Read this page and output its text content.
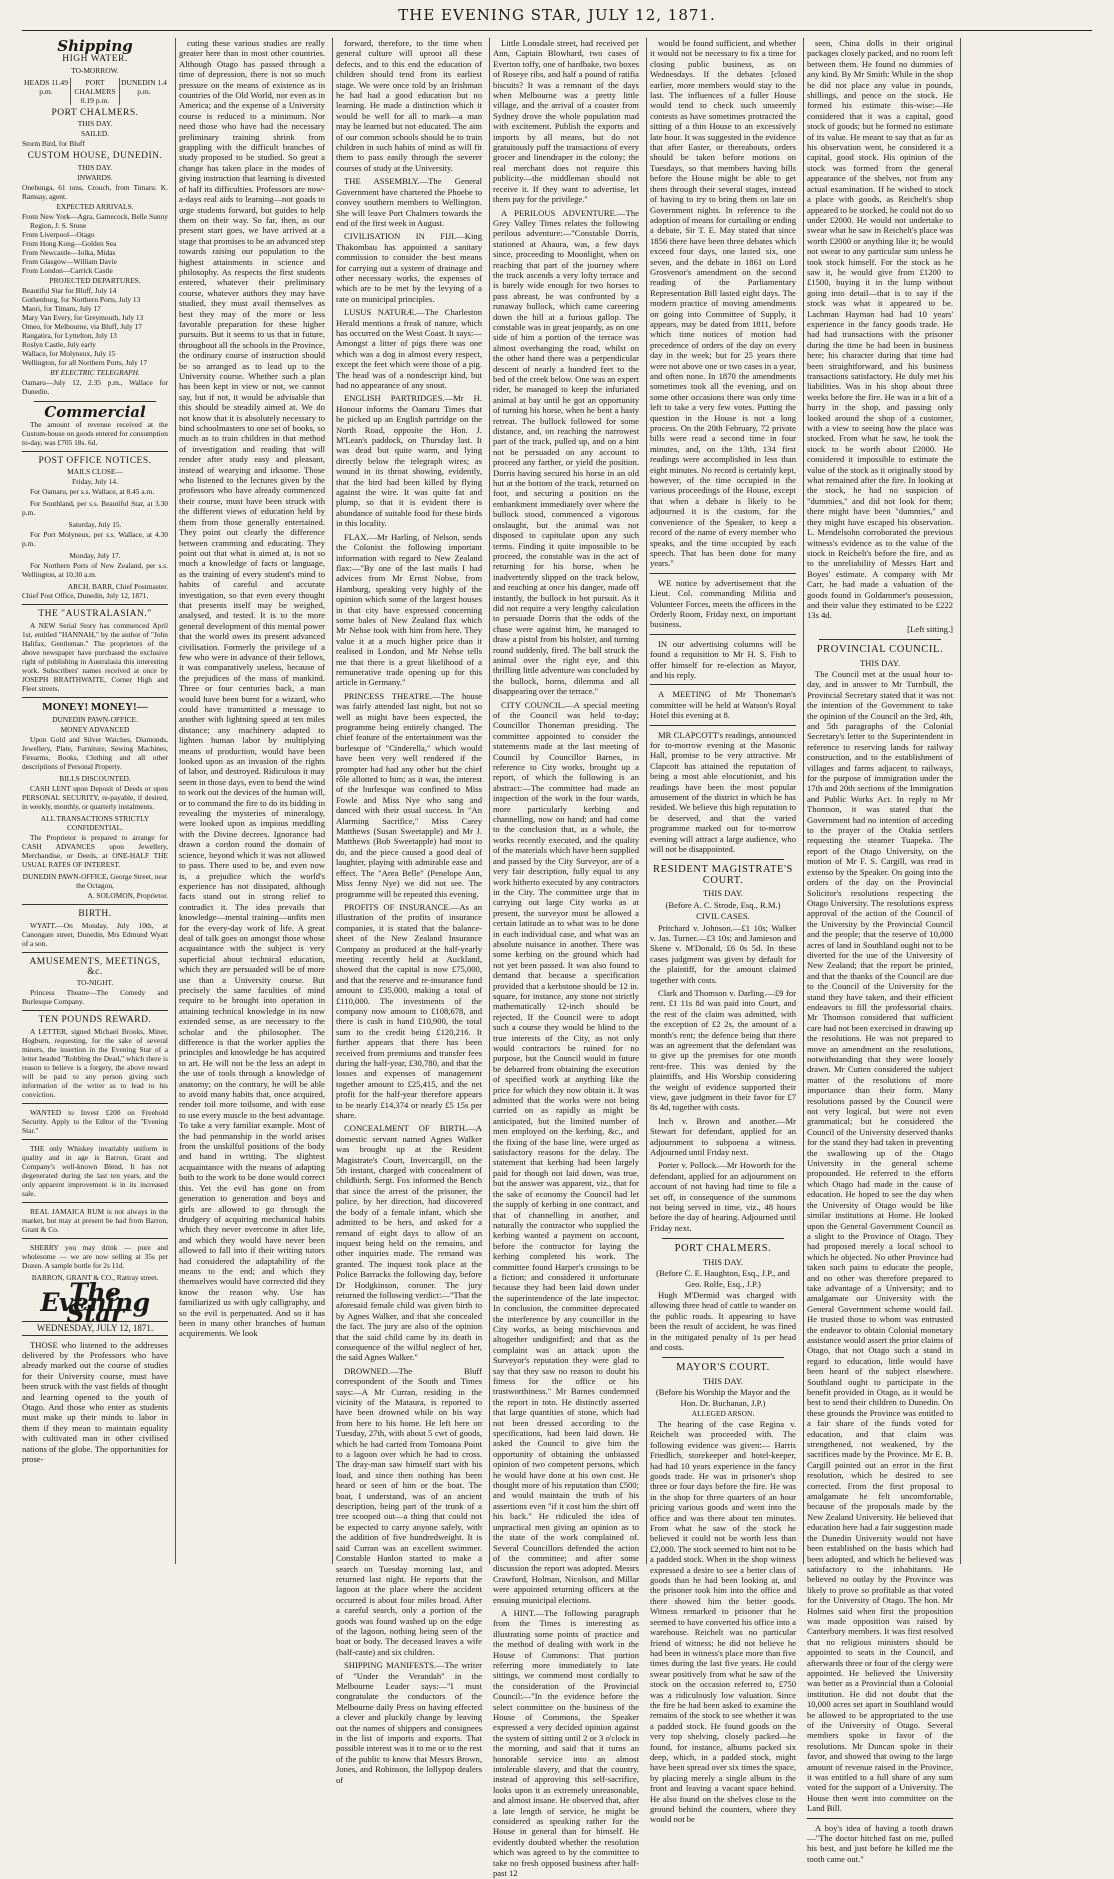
THE EVENING STAR, JULY 12, 1871.
Shipping
HIGH WATER.
TO-MORROW.
HEADS 11.49 p.m.
PORT CHALMERS 0.19 p.m.
DUNEDIN 1.4 p.m.
PORT CHALMERS.
THIS DAY.
SAILED.
Storm Bird, for Bluff
CUSTOM HOUSE, DUNEDIN.
THIS DAY.
INWARDS.
Onehunga, 61 tons, Crouch, from Timaru. K. Ramsay, agent.
EXPECTED ARRIVALS.

From New York—Agra, Gamecock, Belle Sunny Region, J. S. Stone

From Liverpool—Otago

From Hong Kong—Golden Sea

From Newcastle—Iolka, Midas

From Glasgow—William Davie

From London—Carrick Castle

PROJECTED DEPARTURES.

Beautiful Star for Bluff, July 14

Gothenburg, for Northern Ports, July 13

Maori, for Timaru, July 17

Mary Van Every, for Greymouth, July 13

Omeo, for Melbourne, via Bluff, July 17

Rangatira, for Lyttelton, July 13

Roslyn Castle, July early

Wallace, for Molyneux, July 15

Wellington, for all Northern Ports, July 17

BY ELECTRIC TELEGRAPH.
Oamaru—July 12, 2.35 p.m., Wallace for Dunedin.
Commercial

The amount of revenue received at the Custom-house on goods entered for consumption to-day, was £705 18s. 6d.

POST OFFICE NOTICES.
MAILS CLOSE—
Friday, July 14.

For Oamaru, per s.s. Wallace, at 8.45 a.m.

For Southland, per s.s. Beautiful Star, at 3.30 p.m.

Saturday, July 15.

For Port Molyneux, per s.s. Wallace, at 4.30 p.m.

Monday, July 17.

For Northern Ports of New Zealand, per s.s. Wellington, at 10.30 a.m.

ARCH. BARR, Chief Postmaster.
Chief Post Office, Dunedin, July 12, 1871.
THE "AUSTRALASIAN."

A NEW Serial Story has commenced April 1st, entitled "HANNAH," by the author of "John Halifax, Gentleman." The proprietors of the above newspaper have purchased the exclusive right of publishing in Australasia this interesting work. Subscribers' names received at once by JOSEPH BRAITHWAITE, Corner High and Fleet streets.

MONEY! MONEY!—
DUNEDIN PAWN-OFFICE.
MONEY ADVANCED

Upon Gold and Silver Watches, Diamonds, Jewellery, Plate, Furniture, Sewing Machines, Firearms, Books, Clothing and all other descriptions of Personal Property.

BILLS DISCOUNTED.

CASH LENT upon Deposit of Deeds or upon PERSONAL SECURITY, re-payable, if desired, in weekly, monthly, or quarterly instalments.

ALL TRANSACTIONS STRICTLY CONFIDENTIAL.

The Proprietor is prepared to arrange for CASH ADVANCES upon Jewellery, Merchandise, or Deeds, at ONE-HALF THE USUAL RATES OF INTEREST.

DUNEDIN PAWN-OFFICE, George Street, near the Octagon,
A. SOLOMON, Proprietor.
BIRTH.

WYATT.—On Monday, July 10th, at Canongate street, Dunedin, Mrs Edmund Wyatt of a son.

AMUSEMENTS, MEETINGS, &c.
TO-NIGHT.

Princess Theatre—The Comedy and Burlesque Company.

TEN POUNDS REWARD.

A LETTER, signed Michael Brooks, Miner, Hogburn, requesting, for the sake of several miners, the insertion in the Evening Star of a letter headed "Robbing the Dead," which there is reason to believe is a forgery, the above reward will be paid to any person giving such information of the writer as to lead to his conviction.

WANTED to Invest £200 on Freehold Security. Apply to the Editor of the "Evening Star."

THE only Whiskey invariably uniform in quality and in age is Barron, Grant and Company's well-known Blend. It has not degenerated during the last ten years, and the only apparent improvement is in its increased sale.

REAL JAMAICA RUM is not always in the market, but may at present be had from Barron, Grant & Co.

SHERRY you may drink — pure and wholesome — we are now selling at 35s per Dozen. A sample bottle for 2s 11d.

BARRON, GRANT & CO., Rattray street.
The Evening Star
WEDNESDAY, JULY 12, 1871.

THOSE who listened to the addresses delivered by the Professors who have already marked out the course of studies for their University course, must have been struck with the vast fields of thought and learning opened to the youth of Otago. And those who enter as students must make up their minds to labor in them if they mean to maintain equality with cultivated man in other civilised nations of the globe. The opportunities for prose-

cuting these various studies are really greater here than in most other countries. Although Otago has passed through a time of depression, there is not so much pressure on the means of existence as in countries of the Old World, nor even as in America; and the expense of a University course is reduced to a minimum. Nor need those who have had the necessary preliminary training shrink from grappling with the difficult branches of study proposed to be studied. So great a change has taken place in the modes of giving instruction that learning is divested of half its difficulties. Professors are now-a-days real aids to learning—not goads to urge students forward, but guides to help them on their way. So far, then, as our present start goes, we have arrived at a stage that promises to be an advanced step towards raising our population to the highest attainments in science and philosophy. As respects the first students entered, whatever their preliminary course, whatever authors they may have studied, they must avail themselves as best they may of the more or less favorable preparation for these higher pursuits. But it seems to us that in future, throughout all the schools in the Province, the ordinary course of instruction should be so arranged as to lead up to the University course. Whether such a plan has been kept in view or not, we cannot say, but if not, it would be advisable that this should be steadily aimed at. We do not know that it is absolutely necessary to bind schoolmasters to one set of books, so much as to train children in that method of investigation and reading that will render after study easy and pleasant, instead of wearying and irksome. Those who listened to the lectures given by the professors who have already commenced their course, must have been struck with the different views of education held by them from those generally entertained. They point out clearly the difference between cramming and educating. They point out that what is aimed at, is not so much a knowledge of facts or language, as the training of every student's mind to habits of careful and accurate investigation, so that even every thought that presents itself may be weighed, analysed, and tested. It is to the more general development of this mental power that the world owes its present advanced civilisation. Formerly the privilege of a few who were in advance of their fellows, it was comparatively useless, because of the prejudices of the mass of mankind. Three or four centuries back, a man would have been burnt for a wizard, who could have transmitted a message to another with lightning speed at ten miles distance; any machinery adapted to lighten human labor by multiplying means of production, would have been looked upon as an invasion of the rights of labor, and destroyed. Ridiculous it may seem in those days, even to bend the wind to work out the devices of the human will, or to command the fire to do its bidding in revealing the mysteries of mineralogy, were looked upon as impious meddling with the Divine decrees. Ignorance had drawn a cordon round the domain of science, beyond which it was not allowed to pass. There used to be, and even now is, a prejudice which the world's experience has not dissipated, although facts stand out in strong relief to contradict it. The idea prevails that knowledge—mental training—unfits men for the every-day work of life. A great deal of talk goes on amongst those whose acquaintance with the subject is very superficial about technical education, which they are persuaded will be of more use than a University course. But precisely the same faculties of mind require to be brought into operation in attaining technical knowledge in its now extended sense, as are necessary to the scholar and the philosopher. The difference is that the worker applies the principles and knowledge he has acquired to art. He will not be the less an adept in the use of tools through a knowledge of anatomy; on the contrary, he will be able to avoid many habits that, once acquired, render toil more toilsome, and with ease to use every muscle to the best advantage. To take a very familiar example. Most of the bad penmanship in the world arises from the unskilful positions of the body and hand in writing. The slightest acquaintance with the means of adapting both to the work to be done would correct this. Yet the evil has gone on from generation to generation and boys and girls are allowed to go through the drudgery of acquiring mechanical habits which they never overcome in after life, and which they would have never been allowed to fall into if their writing tutors had considered the adaptability of the means to the end; and which they themselves would have corrected did they know the reason why. Use has familiarized us with ugly calligraphy, and so the evil is perpetuated. And so it has been in many other branches of human acquirements. We look

forward, therefore, to the time when general culture will uproot all these defects, and to this end the education of children should tend from its earliest stage. We were once told by an Irishman he had had a good education but no learning. He made a distinction which it would be well for all to mark—a man may be learned but not educated. The aim of our common schools should be to train children in such habits of mind as will fit them to pass easily through the severer courses of study at the University.

THE ASSEMBLY.—The General Government have chartered the Phoebe to convey southern members to Wellington. She will leave Port Chalmers towards the end of the first week in August.

CIVILISATION IN FIJI.—King Thakombau has appointed a sanitary commission to consider the best means for carrying out a system of drainage and other necessary works, the expenses of which are to be met by the levying of a rate on municipal principles.

LUSUS NATURÆ.—The Charleston Herald mentions a freak of nature, which has occurred on the West Coast. It says:—Amongst a litter of pigs there was one which was a dog in almost every respect, except the feet which were those of a pig. The head was of a nondescript kind, but had no appearance of any snout.

ENGLISH PARTRIDGES.—Mr H. Honour informs the Oamaru Times that he picked up an English partridge on the North Road, opposite the Hon. J. M'Lean's paddock, on Thursday last. It was dead but quite warm, and lying directly below the telegraph wires; as wound in its throat showing, evidently, that the bird had been killed by flying against the wire. It was quite fat and plump, so that it is evident there is abundance of suitable food for these birds in this locality.

FLAX.—Mr Harling, of Nelson, sends the Colonist the following important information with regard to New Zealand flax:—"By one of the last mails I had advices from Mr Ernst Nobse, from Hamburg, speaking very highly of the opinion which some of the largest houses in that city have expressed concerning some bales of New Zealand flax which Mr Nehse took with him from here. They value it at a much higher price than it realised in London, and Mr Nehse tells me that there is a great likelihood of a remunerative trade opening up for this article in Germany."

PRINCESS THEATRE.—The house was fairly attended last night, but not so well as might have been expected, the programme being entirely changed. The chief feature of the entertainment was the burlesque of "Cinderella," which would have been very well rendered if the prompter had had any other but the chief rôle allotted to him; as it was, the interest of the burlesque was confined to Miss Fowle and Miss Nye who sang and danced with their usual success. In "An Alarming Sacrifice," Miss Carey Matthews (Susan Sweetapple) and Mr J. Matthews (Bob Sweetapple) had most to do, and the piece caused a good deal of laughter, playing with admirable ease and effect. The "Area Belle" (Penelope Ann, Miss Jenny Nye) we did not see. The programme will be repeated this evening.

PROFITS OF INSURANCE.—As an illustration of the profits of insurance companies, it is stated that the balance-sheet of the New Zealand Insurance Company as produced at the half-yearly meeting recently held at Auckland, showed that the capital is now £75,000, and that the reserve and re-insurance fund amount to £35,000, making a total of £110,000. The investments of the company now amount to £108,678, and there is cash in hand £10,900, the total sum to the credit being £120,216. It further appears that there has been received from premiums and transfer fees during the half-year, £30,780, and that the losses and expenses of management together amount to £25,415, and the net profit for the half-year therefore appears to be nearly £14,374 or nearly £5 15s per share.

CONCEALMENT OF BIRTH.—A domestic servant named Agnes Walker was brought up at the Resident Magistrate's Court, Invercargill, on the 5th instant, charged with concealment of childbirth. Sergt. Fox informed the Bench that since the arrest of the prisoner, the police, by her direction, had discovered the body of a female infant, which she admitted to be hers, and asked for a remand of eight days to allow of an inquest being held on the remains, and other inquiries made. The remand was granted. The inquest took place at the Police Barracks the following day, before Dr Hodgkinson, coroner. The jury returned the following verdict:—"That the aforesaid female child was given birth to by Agnes Walker, and that she concealed the fact. The jury are also of the opinion that the said child came by its death in consequence of the wilful neglect of her, the said Agnes Walker."

DROWNED.—The Bluff correspondent of the South and Times says:—A Mr Curran, residing in the vicinity of the Mataura, is reported to have been drowned while on his way from here to his home. He left here on Tuesday, 27th, with about 5 cwt of goods, which he had carted from Tomoana Point to a lagoon over which he had to cross. The dray-man saw himself start with his load, and since then nothing has been heard or seen of him or the boat. The boat, I understand, was of an ancient description, being part of the trunk of a tree scooped out—a thing that could not be expected to carry anyone safely, with the addition of five hundredweight. It is said Curran was an excellent swimmer. Constable Hanlon started to make a search on Tuesday morning last, and returned last night. He reports that the lagoon at the place where the accident occurred is about four miles broad. After a careful search, only a portion of the goods was found washed up on the edge of the lagoon, nothing being seen of the boat or body. The deceased leaves a wife (half-caste) and six children.

SHIPPING MANIFESTS.—The writer of "Under the Verandah" in the Melbourne Leader says:—"I must congratulate the conductors of the Melbourne daily Press on having effected a clever and pluckily change by leaving out the names of shippers and consignees in the list of imports and exports. That possible interest was it to me or to the rest of the public to know that Messrs Brown, Jones, and Robinson, the lollypop dealers of

Little Lonsdale street, had received per Ann, Captain Blowhard, two cases of Everton toffy, one of hardbake, two boxes of Roseye ribs, and half a pound of ratifia biscuits? It was a remnant of the days when Melbourne was a pretty little village, and the arrival of a coaster from Sydney drove the whole population mad with excitement. Publish the exports and imports by all means, but do not gratuitously puff the transactions of every grocer and linendraper in the colony; the real merchant does not require this publicity—the middleman should not receive it. If they want to advertise, let them pay for the privilege."

A PERILOUS ADVENTURE.—The Grey Valley Times relates the following perilous adventure:—"Constable Dorris, stationed at Ahaura, was, a few days since, proceeding to Moonlight, when on reaching that part of the journey where the track ascends a very lofty terrace and is barely wide enough for two horses to pass abreast, he was confronted by a runaway bullock, which came careering down the hill at a furious gallop. The constable was in great jeopardy, as on one side of him a portion of the terrace was almost overhanging the road, whilst on the other hand there was a perpendicular descent of nearly a hundred feet to the bed of the creek below. One was an expert rider, he managed to keep the infuriated animal at bay until he got an opportunity of turning his horse, when he bent a hasty retreat. The bullock followed for some distance, and, on reaching the narrowest part of the track, pulled up, and on a hint not be persuaded on any account to proceed any farther, or yield the position. Dorris having secured his horse in an old hut at the bottom of the track, returned on foot, and securing a position on the embankment immediately over where the bullock stood, commenced a vigorous onslaught, but the animal was not disposed to capitulate upon any such terms. Finding it quite impossible to be proceed, the constable was in the act of returning for his horse, when he inadvertently slipped on the track below, and reaching at once his danger, made off instantly, the bullock in hot pursuit. As it did not require a very lengthy calculation to persuade Dorris that the odds of the chase were against him, he managed to draw a pistol from his holster, and turning round suddenly, fired. The ball struck the animal over the right eye, and this thrilling little adventure was concluded by the bullock, horns, dilemma and all disappearing over the terrace."

CITY COUNCIL.—A special meeting of the Council was held to-day; Councillor Thoneman presiding. The committee appointed to consider the statements made at the last meeting of Council by Councillor Barnes, in reference to City works, brought up a report, of which the following is an abstract:—The committee had made an inspection of the work in the four wards, more particularly kerbing and channelling, now on hand; and had come to the conclusion that, as a whole, the works recently executed, and the quality of the materials which have been supplied and passed by the City Surveyor, are of a very fair description, fully equal to any work hitherto executed by any contractors in the City. The committee urge that in carrying out large City works as at present, the surveyor must be allowed a certain latitude as to what was to be done in each individual case, and what was an absolute nuisance in another. There was some kerbing on the ground which had not yet been passed. It was also found to demand that because a specification provided that a kerbstone should be 12 in. square, for instance, any stone not strictly mathematically 12-inch should be rejected. If the Council were to adopt such a course they would be blind to the true interests of the City, as not only would contractors be ruined for no purpose, but the Council would in future be debarred from obtaining the execution of specified work at anything like the price for which they now obtain it. It was admitted that the works were not being carried on as rapidly as might be anticipated, but the limited number of men employed on the kerbing, &c., and the fixing of the base line, were urged as satisfactory reasons for the delay. The statement that kerbing had been largely paid for though not laid down, was true, but the answer was apparent, viz., that for the sake of economy the Council had let the supply of kerbing in one contract, and that of channelling in another, and naturally the contractor who supplied the kerbing wanted a payment on account, before the contractor for laying the kerbing completed his work. The committee found Harper's crossings to be a fiction; and considered it unfortunate because they had been laid down under the superintendence of the late inspector. In conclusion, the committee deprecated the interference by any councillor in the City works, as being mischievous and altogether undignified; and that as the complaint was an attack upon the Surveyor's reputation they were glad to say that they saw no reason to doubt his fitness for the office or his trustworthiness." Mr Barnes condemned the report in toto. He distinctly asserted that large quantities of stone, which had not been dressed according to the specifications, had been laid down. He asked the Council to give him the opportunity of obtaining the unbiassed opinion of two competent persons, which he would have done at his own cost. He thought more of his reputation than £500; and would maintain the truth of his assertions even "if it cost him the shirt off his back." He ridiculed the idea of unpractical men giving an opinion as to the state of the work complained of. Several Councillors defended the action of the committee; and after some discussion the report was adopted. Messrs Crawford, Holman, Nicolson, and Millar were appointed returning officers at the ensuing municipal elections.

A HINT.—The following paragraph from the Times is interesting as illustrating some points of practice and the method of dealing with work in the House of Commons: That portion referring more immediately to late sittings, we commend most cordially to the consideration of the Provincial Council:—"In the evidence before the select committee on the business of the House of Commons, the Speaker expressed a very decided opinion against the system of sitting until 2 or 3 o'clock in the morning, and said that it turns an honorable service into an almost intolerable slavery, and that the country, instead of approving this self-sacrifice, looks upon it as extremely unreasonable, and almost insane. He observed that, after a late length of service, he might be considered as speaking rather for the House in general than for himself. He evidently doubted whether the resolution which was agreed to by the committee to take no fresh opposed business after half-past 12

would be found sufficient, and whether it would not be necessary to fix a time for closing public business, as on Wednesdays. If the debates [closed earlier, more members would stay to the last. The influences of a fuller House would tend to check such unseemly contests as have sometimes protracted the sitting of a thin House to an excessively late hour. It was suggested in the evidence that after Easter, or thereabouts, orders should be taken before motions on Tuesdays, so that members having bills before the House might be able to get them through their several stages, instead of having to try to bring them on late on Government nights. In reference to the adoption of means for curtailing or ending a debate, Sir T. E. May stated that since 1856 there have been three debates which exceed four days, one lasted six, one seven, and the debate in 1861 on Lord Grosvenor's amendment on the second reading of the Parliamentary Representation Bill lasted eight days. The modern practice of moving amendments on going into Committee of Supply, it appears, may be dated from 1811, before which time notices of motion had precedence of orders of the day on every day in the week; but for 25 years there were not above one or two cases in a year, and often none. In 1870 the amendments sometimes took all the evening, and on some other occasions there was only time left to take a very few votes. Putting the question in the House is not a long process. On the 20th February, 72 private bills were read a second time in four minutes, and, on the 13th, 134 first readings were accomplished in less than eight minutes. No record is certainly kept, however, of the time occupied in the various proceedings of the House, except that when a debate is likely to be adjourned it is the custom, for the convenience of the Speaker, to keep a record of the name of every member who speaks, and the time occupied by each speech. That has been done for many years."

WE notice by advertisement that the Lieut. Col. commanding Militia and Volunteer Forces, meets the officers in the Orderly Room, Friday next, on important business.

IN our advertising columns will be found a requisition to Mr H. S. Fish to offer himself for re-election as Mayor, and his reply.

A MEETING of Mr Thoneman's committee will be held at Watson's Royal Hotel this evening at 8.

MR CLAPCOTT's readings, announced for to-morrow evening at the Masonic Hall, promise to be very attractive. Mr Clapcott has attained the reputation of being a most able elocutionist, and his readings have been the most popular amusement of the district in which he has resided. We believe this high reputation to be deserved, and that the varied programme marked out for to-morrow evening will attract a large audience, who will not be disappointed.

RESIDENT MAGISTRATE'S COURT.
THIS DAY.
(Before A. C. Strode, Esq., R.M.)
CIVIL CASES.

Pritchard v. Johnson.—£1 10s; Walker v. Jas. Turner.—£3 10s; and Jamieson and Skene v. M'Donald, £6 0s 5d. In these cases judgment was given by default for the plaintiff, for the amount claimed together with costs.

Clark and Thomson v. Darling.—£9 for rent. £1 11s 8d was paid into Court, and the rest of the claim was admitted, with the exception of £2 2s, the amount of a month's rent; the defence being that there was an agreement that the defendant was to give up the premises for one month rent-free. This was denied by the plaintiffs, and His Worship considering the weight of evidence supported their view, gave judgment in their favor for £7 8s 4d, together with costs.

Inch v. Brown and another.—Mr Stewart for defendant, applied for an adjournment to subpoena a witness. Adjourned until Friday next.

Porter v. Pollock.—Mr Howorth for the defendant, applied for an adjournment on account of not having had time to file a set off, in consequence of the summons not being served in time, viz., 48 hours before the day of hearing. Adjourned until Friday next.

PORT CHALMERS.
THIS DAY.
(Before C. E. Haughton, Esq., J.P., and Geo. Rolfe, Esq., J.P.)

Hugh M'Dermid was charged with allowing three head of cattle to wander on the public roads. It appearing to have been the result of accident, he was fined in the mitigated penalty of 1s per head and costs.

MAYOR'S COURT.
THIS DAY.
(Before his Worship the Mayor and the Hon. Dr. Buchanan, J.P.)
ALLEGED ARSON.

The hearing of the case Regina v. Reichelt was proceeded with. The following evidence was given:— Harris Friedlich, storekeeper and hotel-keeper, had had 10 years experience in the fancy goods trade. He was in prisoner's shop three or four days before the fire. He was in the shop for three quarters of an hour pricing various goods and went into the office and was there about ten minutes. From what he saw of the stock he believed it could not be worth less than £2,000. The stock seemed to him not to be a padded stock. When in the shop witness expressed a desire to see a better class of goods than he had been looking at, and the prisoner took him into the office and there showed him the better goods. Witness remarked to prisoner that he seemed to have converted his office into a warehouse. Reichelt was no particular friend of witness; he did not believe he had been in witness's place more than five times during the last five years. He could swear positively from what he saw of the stock on the occasion referred to, £750 was a ridiculously low valuation. Since the fire he had been asked to examine the remains of the stock to see whether it was a padded stock. He found goods on the very top shelving, closely packed—he found, for instance, albums packed six deep, which, in a padded stock, might have been spread over six times the space, by placing merely a single album in the front and leaving a vacant space behind. He also found on the shelves close to the ground behind the counters, where they would not be

seen, China dolls in their original packages closely packed, and no room left between them. He found no dummies of any kind. By Mr Smith: While in the shop he did not place any value in pounds, shillings, and pence on the stock. He formed his estimate this-wise:—He considered that it was a capital, good stock of goods; but he formed no estimate of its value. He meant to say that as far as his observation went, he considered it a capital, good stock. His opinion of the stock was formed from the general appearance of the shelves, not from any actual examination. If he wished to stock a place with goods, as Reichelt's shop appeared to be stocked, he could not do so under £2000. He would not undertake to swear what he saw in Reichelt's place was worth £2000 or anything like it; he would not swear to any particular sum unless he took stock himself. For the stock as he saw it, he would give from £1200 to £1500, buying it in the lump without going into detail—that is to say if the stock was what it appeared to be. Lachman Hayman had had 10 years' experience in the fancy goods trade. He had had transactions with the prisoner during the time he had been in business here; his character during that time had been straightforward, and his business transactions satisfactory. He duly met his liabilities. Was in his shop about three weeks before the fire. He was in a bit of a hurry in the shop, and passing only looked around the shop of a customer, with a view to seeing how the place was stocked. From what he saw, he took the stock to be worth about £2000. He considered it impossible to estimate the value of the stock as it originally stood by what remained after the fire. In looking at the stock, he had no suspicion of "dummies," and did not look for them; there might have been "dummies," and they might have escaped his observation. L. Mendelsohn corroborated the previous witness's evidence as to the value of the stock in Reichelt's before the fire, and as to the unreliability of Messrs Hart and Boyes' estimate. A company with Mr Carr, he had made a valuation of the goods found in Goldammer's possession, and their value they estimated to be £222 13s 4d.

[Left sitting.]
PROVINCIAL COUNCIL.
THIS DAY.

The Council met at the usual hour to-day, and in answer to Mr Turnbull, the Provincial Secretary stated that it was not the intention of the Government to take the opinion of the Council on the 3rd, 4th, and 5th paragraphs of the Colonial Secretary's letter to the Superintendent in reference to reserving lands for railway construction, and to the establishment of villages and farms adjacent to railways, for the purpose of immigration under the 17th and 20th sections of the Immigration and Public Works Act. In reply to Mr Thomson, it was stated that the Government had no intention of acceding to the prayer of the Otakia settlers requesting the steamer Tuapeka. The report of the Otago University, on the motion of Mr F. S. Cargill, was read in extenso by the Speaker. On going into the orders of the day on the Provincial Solicitor's resolutions respecting the Otago University. The resolutions express approval of the action of the Council of the University by the Provincial Council and the people; that the reserve of 10,000 acres of land in Southland ought not to be diverted for the use of the University of New Zealand; that the report be printed, and that the thanks of the Council are due to the Council of the University for the stand they have taken, and their efficient endeavors to fill the professorial chairs. Mr Thomson considered that sufficient care had not been exercised in drawing up the resolutions. He was not prepared to move an amendment on the resolutions, notwithstanding that they were loosely drawn. Mr Cutten considered the subject matter of the resolutions of more importance than their form. Many resolutions passed by the Council were not very logical, but were not even grammatical; but he considered the Council of the University deserved thanks for the stand they had taken in preventing the swallowing up of the Otago University in the general scheme propounded. He referred to the efforts which Otago had made in the cause of education. He hoped to see the day when the University of Otago would be like similar institutions at Home. He looked upon the General Government Council as a slight to the Province of Otago. They had proposed merely a local school to which he objected. No other Province had taken such pains to educate the people, and no other was therefore prepared to take advantage of a University; and to amalgamate our University with the General Government scheme would fail. He trusted those to whom was entrusted the endeavor to obtain Colonial monetary assistance would assert the prior claims of Otago, that not Otago such a stand in regard to education, little would have been heard of the subject elsewhere. Southland ought to participate in the benefit provided in Otago, as it would be best to send their children to Dunedin. On these grounds the Province was entitled to a fair share of the funds voted for education, and that claim was strengthened, not weakened, by the sacrifices made by the Province. Mr E. B. Cargill pointed out an error in the first resolution, which he desired to see corrected. From the first proposal to amalgamate he felt uncomfortable, because of the proposals made by the New Zealand University. He believed that education here had a fair suggestion made the Dunedin University would not have been established on the basis which had been adopted, and which he believed was satisfactory to the inhabitants. He believed no outlay by the Province was likely to prove so profitable as that voted for the University of Otago. The hon. Mr Holmes said when first the proposition was made opposition was raised by Canterbury members. It was first resolved that no religious ministers should be appointed to seats in the Council, and afterwards three or four of the clergy were appointed. He believed the University was better as a Provincial than a Colonial institution. He did not doubt that the 10,000 acres set apart in Southland would be allowed to be appropriated to the use of the University of Otago. Several members spoke in favor of the resolutions. Mr Duncan spoke in their favor, and showed that owing to the large amount of revenue raised in the Province, it was entitled to a full share of any sum voted for the support of a University. The House then went into committee on the Land Bill.

A boy's idea of having a tooth drawn—"The doctor hitched fast on me, pulled his best, and just before he killed me the tooth came out."
